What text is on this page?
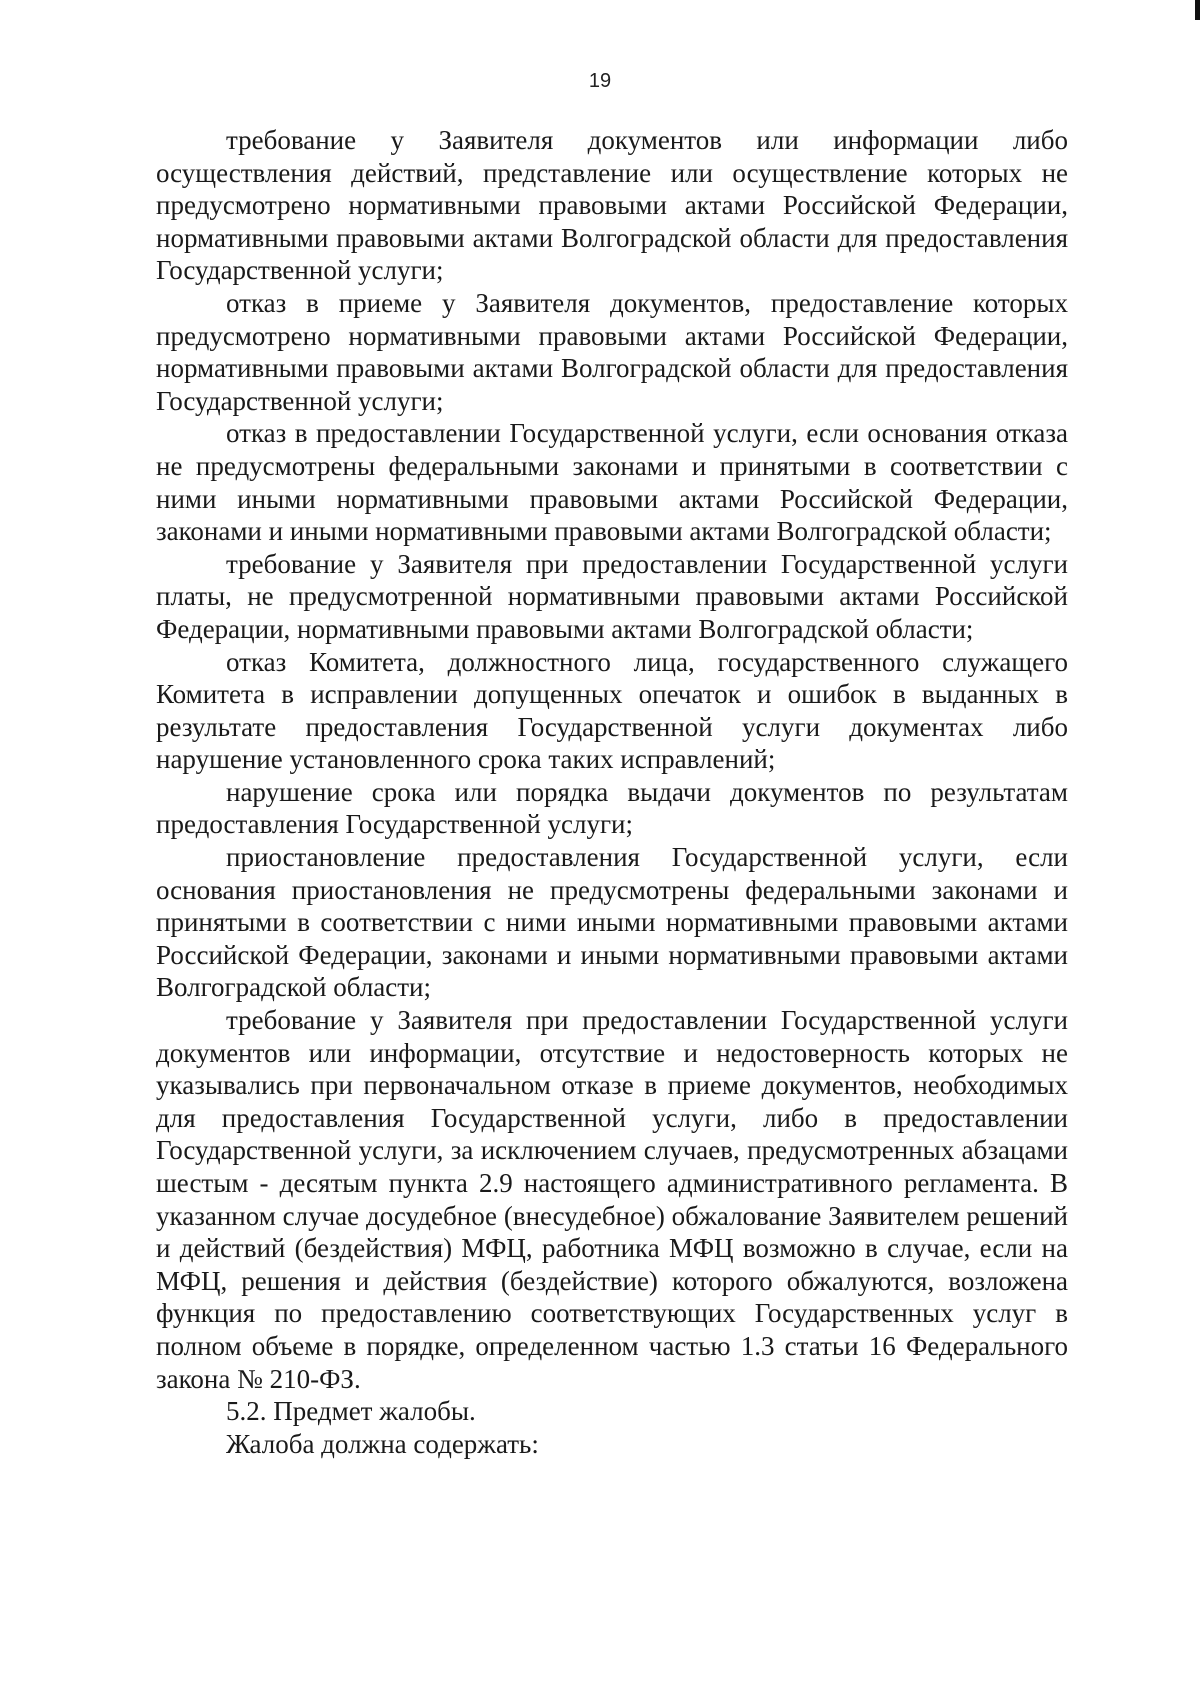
19

требование у Заявителя документов или информации либо осуществления действий, представление или осуществление которых не предусмотрено нормативными правовыми актами Российской Федерации, нормативными правовыми актами Волгоградской области для предоставления Государственной услуги;

отказ в приеме у Заявителя документов, предоставление которых предусмотрено нормативными правовыми актами Российской Федерации, нормативными правовыми актами Волгоградской области для предоставления Государственной услуги;

отказ в предоставлении Государственной услуги, если основания отказа не предусмотрены федеральными законами и принятыми в соответствии с ними иными нормативными правовыми актами Российской Федерации, законами и иными нормативными правовыми актами Волгоградской области;

требование у Заявителя при предоставлении Государственной услуги платы, не предусмотренной нормативными правовыми актами Российской Федерации, нормативными правовыми актами Волгоградской области;

отказ Комитета, должностного лица, государственного служащего Комитета в исправлении допущенных опечаток и ошибок в выданных в результате предоставления Государственной услуги документах либо нарушение установленного срока таких исправлений;

нарушение срока или порядка выдачи документов по результатам предоставления Государственной услуги;

приостановление предоставления Государственной услуги, если основания приостановления не предусмотрены федеральными законами и принятыми в соответствии с ними иными нормативными правовыми актами Российской Федерации, законами и иными нормативными правовыми актами Волгоградской области;

требование у Заявителя при предоставлении Государственной услуги документов или информации, отсутствие и недостоверность которых не указывались при первоначальном отказе в приеме документов, необходимых для предоставления Государственной услуги, либо в предоставлении Государственной услуги, за исключением случаев, предусмотренных абзацами шестым - десятым пункта 2.9 настоящего административного регламента. В указанном случае досудебное (внесудебное) обжалование Заявителем решений и действий (бездействия) МФЦ, работника МФЦ возможно в случае, если на МФЦ, решения и действия (бездействие) которого обжалуются, возложена функция по предоставлению соответствующих Государственных услуг в полном объеме в порядке, определенном частью 1.3 статьи 16 Федерального закона № 210-ФЗ.

5.2. Предмет жалобы.

Жалоба должна содержать:
